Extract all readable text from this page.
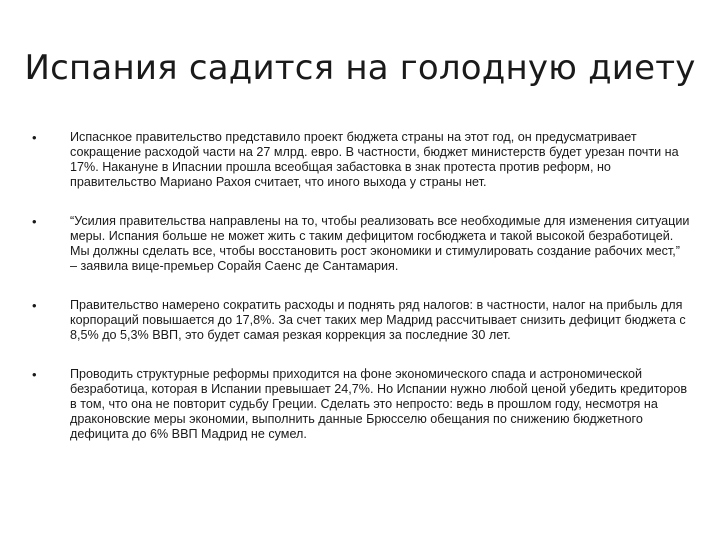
Испания садится на голодную диету
•	Испаснкое правительство представило проект бюджета страны на этот год, он предусматривает сокращение расходой части на 27 млрд. евро. В частности, бюджет министерств будет урезан почти на 17%. Накануне в Ипаснии прошла всеобщая забастовка в знак протеста против реформ, но правительство Мариано Рахоя считает, что иного выхода у страны нет.
•	“Усилия правительства направлены на то, чтобы реализовать все необходимые для изменения ситуации меры. Испания больше не может жить с таким дефицитом госбюджета и такой высокой безработицей. Мы должны сделать все, чтобы восстановить рост экономики и стимулировать создание рабочих мест,” – заявила вице-премьер Сорайя Саенс де Сантамария.
•	Правительство намерено сократить расходы и поднять ряд налогов: в частности, налог на прибыль для корпораций повышается до 17,8%. За счет таких мер Мадрид рассчитывает снизить дефицит бюджета с 8,5% до 5,3% ВВП, это будет самая резкая коррекция за последние 30 лет.
•	Проводить структурные реформы приходится на фоне экономического спада и астрономической безработица, которая в Испании превышает 24,7%. Но Испании нужно любой ценой убедить кредиторов в том, что она не повторит судьбу Греции. Сделать это непросто: ведь в прошлом году, несмотря на драконовские меры экономии, выполнить данные Брюсселю обещания по снижению бюджетного дефицита до 6% ВВП Мадрид не сумел.
